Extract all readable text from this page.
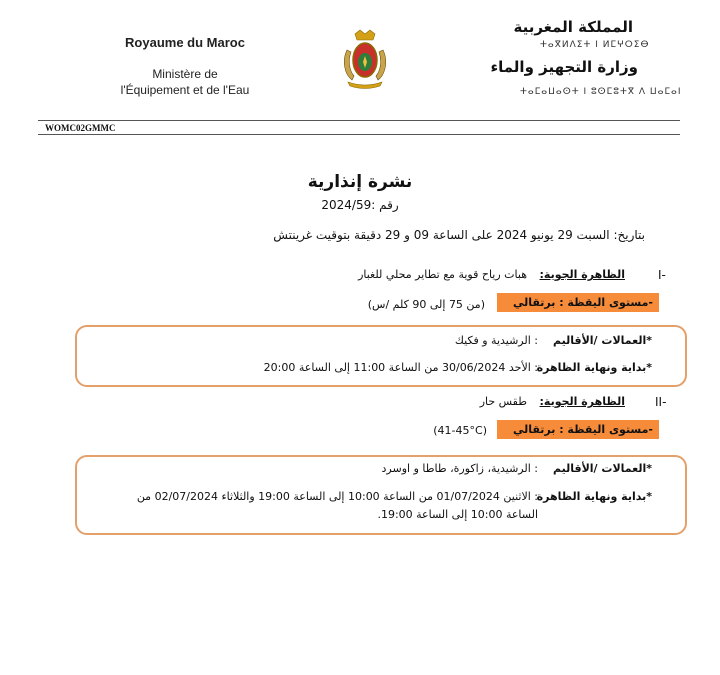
Royaume du Maroc
Ministère de
l'Équipement et de l'Eau
المملكة المغربية
ⵜⴰⴳⵍⴷⵉⵜ ⵏ ⵍⵎⵖⵔⵉⴱ
وزارة التجهيز والماء
ⵜⴰⵎⴰⵡⴰⵙⵜ ⵏ ⵓⵙⵎⵓⵜⴳ ⴷ ⵡⴰⵎⴰⵏ
WOMC02GMMC
نشرة إنذارية
رقم :2024/59
بتاريخ: السبت 29 يونيو 2024 على الساعة 09 و 29 دقيقة بتوقيت غرينتش
I-
الظاهرة الجوية:
هبات رياح قوية مع تطاير محلي للغبار
-مستوى اليقظة : برتقالي
(من 75 إلى 90 كلم /س)
*العمالات /الأقاليم
: الرشيدية و فكيك
*بداية ونهاية الظاهرة
: الأحد 30/06/2024 من الساعة 11:00 إلى الساعة 20:00
II-
الظاهرة الجوية:
طقس حار
-مستوى اليقظة : برتقالي
(41-45°C)
*العمالات /الأقاليم
: الرشيدية، زاكورة، طاطا و اوسرد
*بداية ونهاية الظاهرة
: الاثنين 01/07/2024 من الساعة 10:00 إلى الساعة 19:00 والثلاثاء 02/07/2024 من
الساعة 10:00 إلى الساعة 19:00.
